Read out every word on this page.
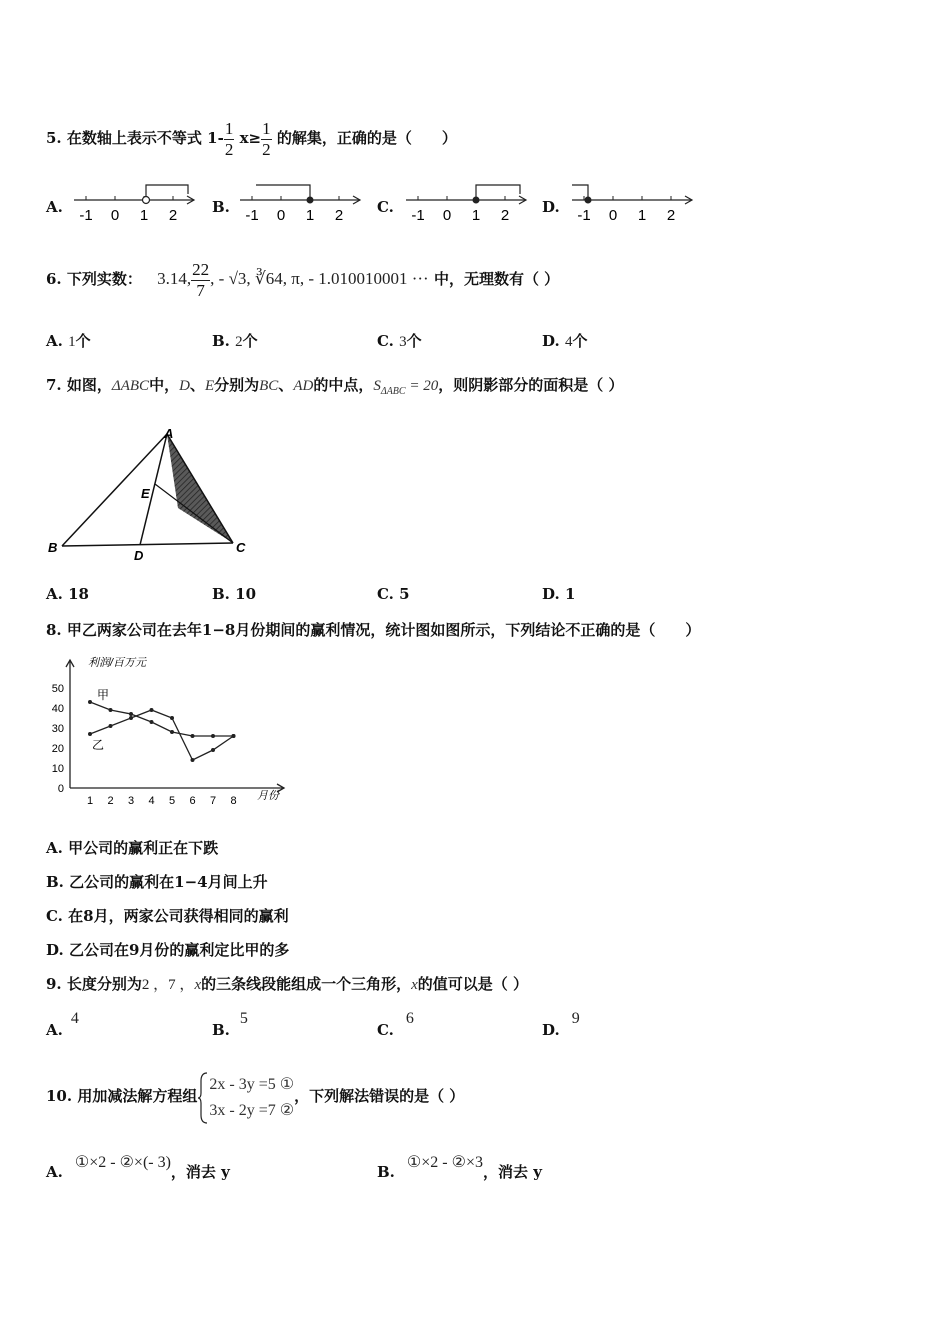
5. 在数轴上表示不等式 $1- \frac{1}{2} x\ge \frac{1}{2}$ 的解集，正确的是（　　）
A. -1 0 1 2 B. -1 0 1 2 C. -1 0 1 2 D. -1 0 1 2
6. 下列实数： 3.14, $\frac{22}{7}$ , - √3, ∛64, π, - 1.010010001 ··· 中，无理数有（ ）
A. 1个	B. 2个	C. 3个	D. 4个
7. 如图，ΔABC中，D、E分别为BC、AD的中点，$S_{\Delta ABC} = 20$，则阴影部分的面积是（ ）
A
B	C
D
E
A. 18	B. 10	C. 5	D. 1
8. 甲乙两家公司在去年1−8月份期间的赢利情况，统计图如图所示，下列结论不正确的是（　　）
0
10
20
30
40
50
1 2 3 4 5 6 7 8
利润/百万元
月份
甲
乙
A. 甲公司的赢利正在下跌
B. 乙公司的赢利在1−4月间上升
C. 在8月，两家公司获得相同的赢利
D. 乙公司在9月份的赢利定比甲的多
9. 长度分别为2 ，7 ，x的三条线段能组成一个三角形，x的值可以是（ ）
A.4
B.5
C.6
D.9
10. 用加减法解方程组
2x - 3y =5 ①
3x - 2y =7 ②
，下列解法错误的是（ ）
A.①×2 - ②×(- 3)，消去 y	B.①×2 - ②×3，消去 y
